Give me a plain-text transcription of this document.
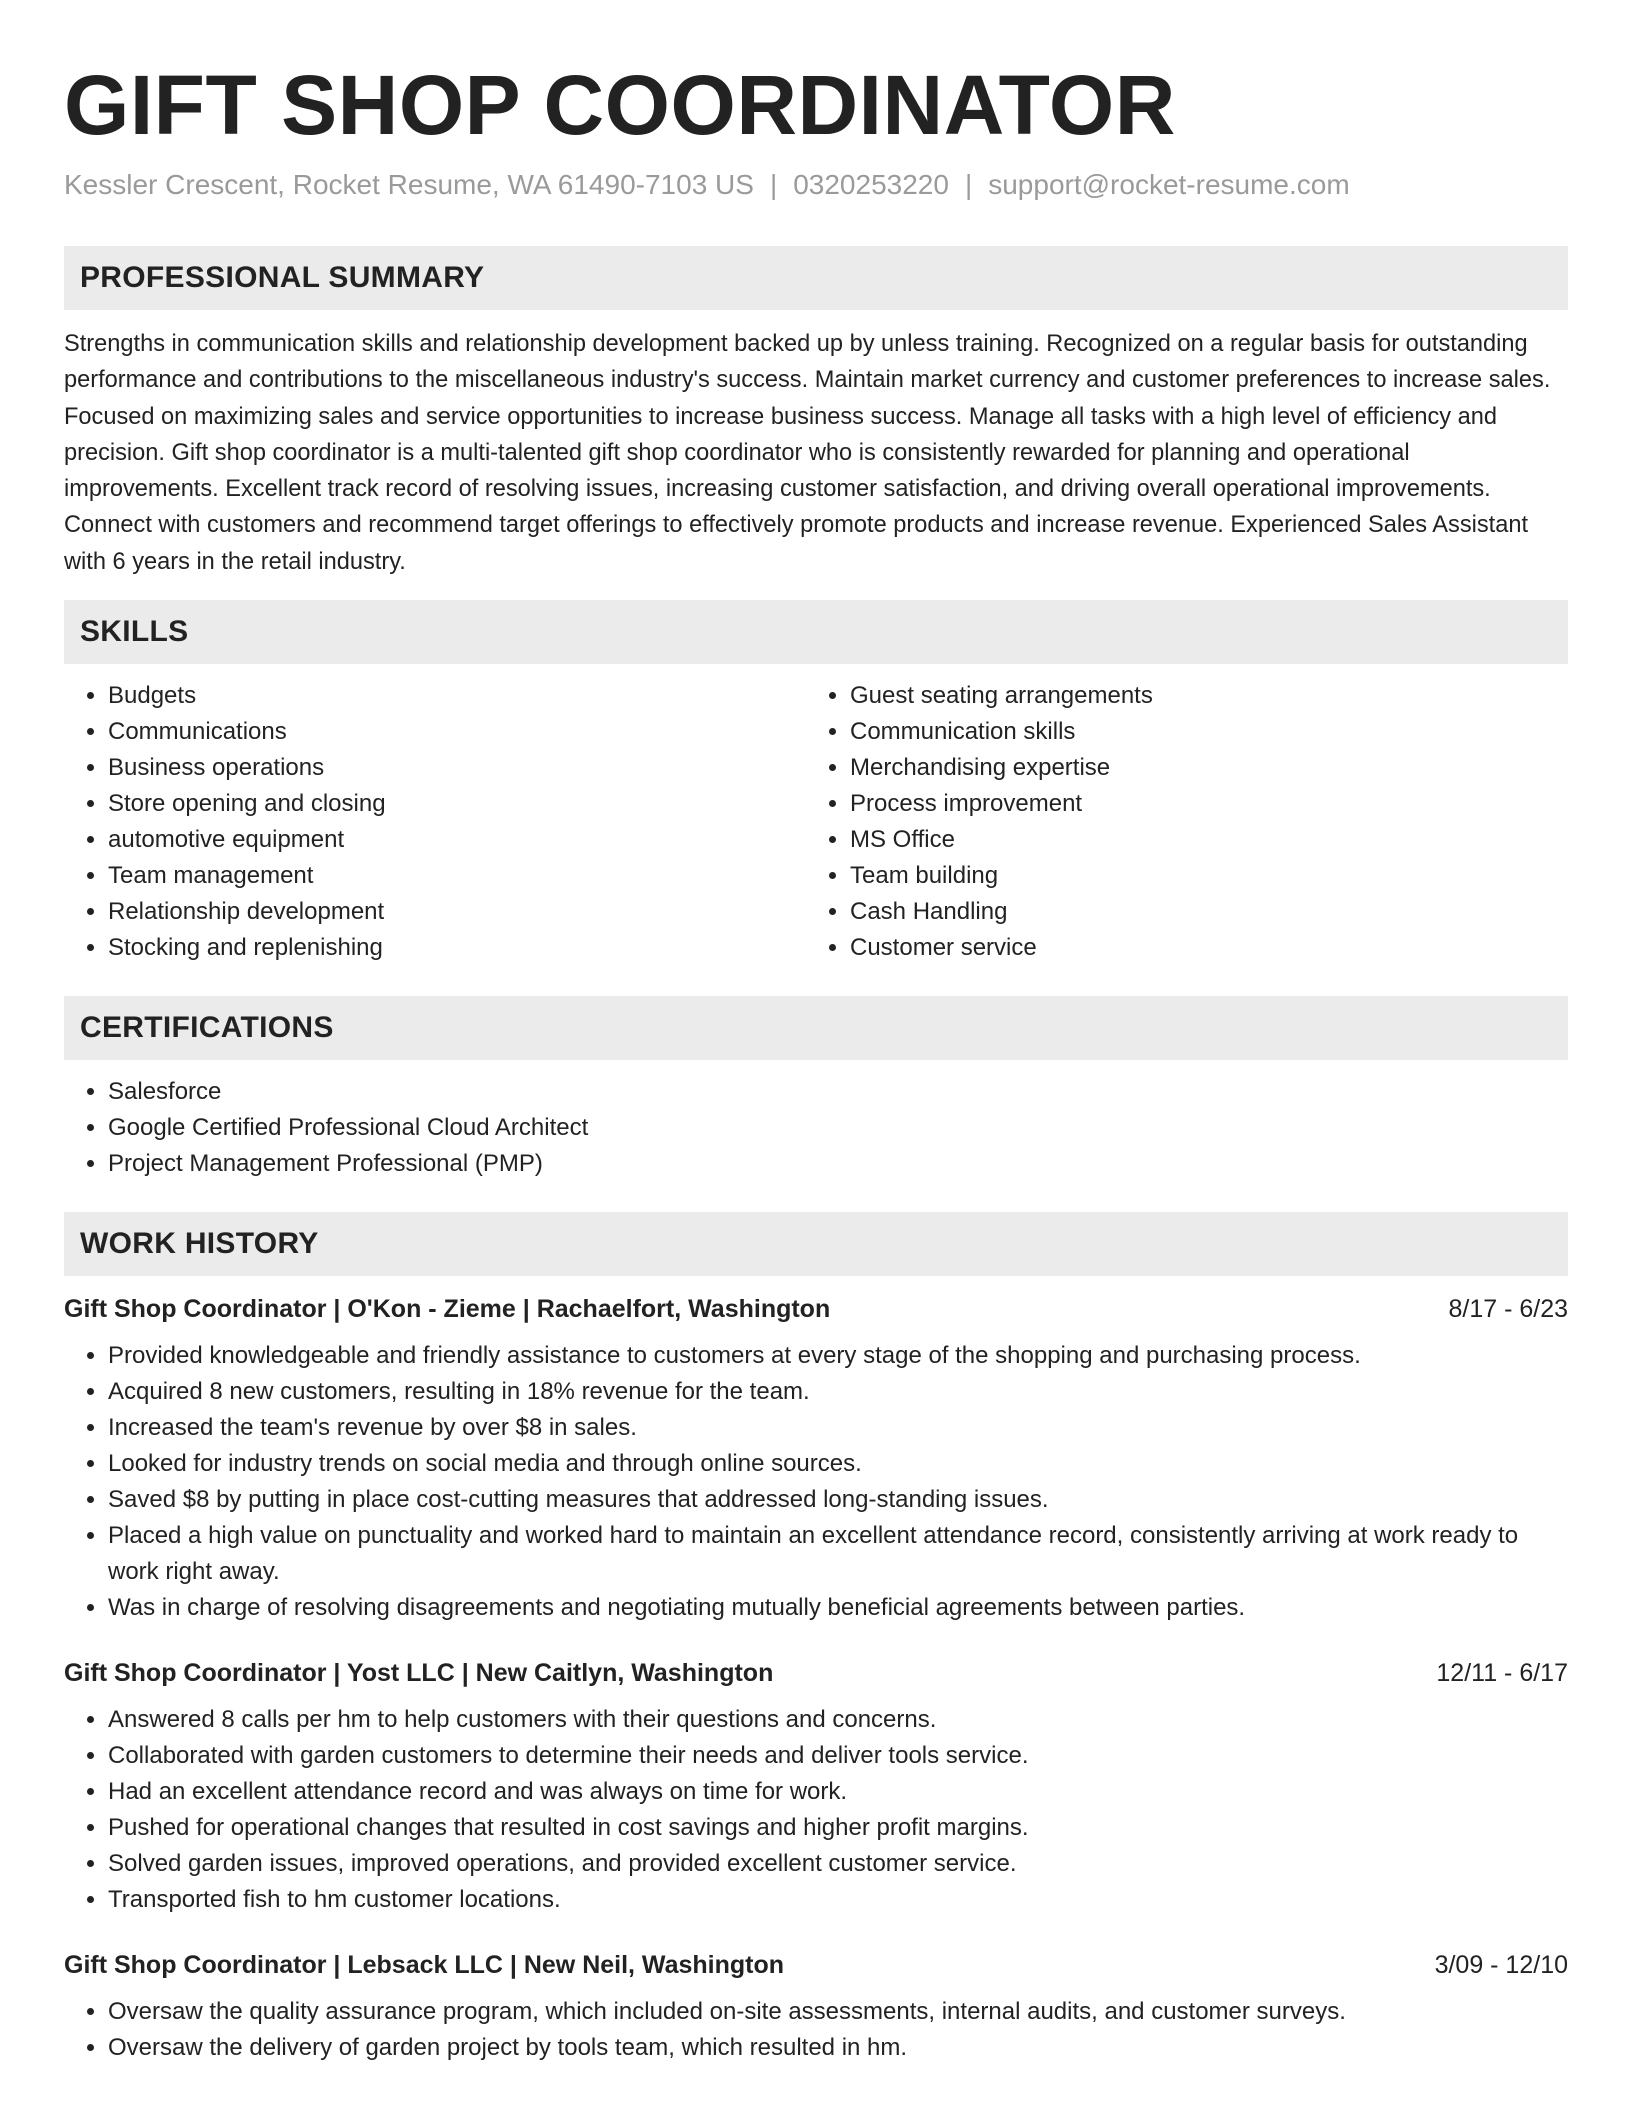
GIFT SHOP COORDINATOR
Kessler Crescent, Rocket Resume, WA 61490-7103 US | 0320253220 | support@rocket-resume.com
PROFESSIONAL SUMMARY

Strengths in communication skills and relationship development backed up by unless training. Recognized on a regular basis for outstanding performance and contributions to the miscellaneous industry's success. Maintain market currency and customer preferences to increase sales. Focused on maximizing sales and service opportunities to increase business success. Manage all tasks with a high level of efficiency and precision. Gift shop coordinator is a multi-talented gift shop coordinator who is consistently rewarded for planning and operational improvements. Excellent track record of resolving issues, increasing customer satisfaction, and driving overall operational improvements. Connect with customers and recommend target offerings to effectively promote products and increase revenue. Experienced Sales Assistant with 6 years in the retail industry.

SKILLS
• Budgets
• Communications
• Business operations
• Store opening and closing
• automotive equipment
• Team management
• Relationship development
• Stocking and replenishing
• Guest seating arrangements
• Communication skills
• Merchandising expertise
• Process improvement
• MS Office
• Team building
• Cash Handling
• Customer service
CERTIFICATIONS
• Salesforce
• Google Certified Professional Cloud Architect
• Project Management Professional (PMP)
WORK HISTORY
Gift Shop Coordinator | O'Kon - Zieme | Rachaelfort, Washington	8/17 - 6/23
• Provided knowledgeable and friendly assistance to customers at every stage of the shopping and purchasing process.
• Acquired 8 new customers, resulting in 18% revenue for the team.
• Increased the team's revenue by over $8 in sales.
• Looked for industry trends on social media and through online sources.
• Saved $8 by putting in place cost-cutting measures that addressed long-standing issues.
• Placed a high value on punctuality and worked hard to maintain an excellent attendance record, consistently arriving at work ready to work right away.
• Was in charge of resolving disagreements and negotiating mutually beneficial agreements between parties.
Gift Shop Coordinator | Yost LLC | New Caitlyn, Washington	12/11 - 6/17
• Answered 8 calls per hm to help customers with their questions and concerns.
• Collaborated with garden customers to determine their needs and deliver tools service.
• Had an excellent attendance record and was always on time for work.
• Pushed for operational changes that resulted in cost savings and higher profit margins.
• Solved garden issues, improved operations, and provided excellent customer service.
• Transported fish to hm customer locations.
Gift Shop Coordinator | Lebsack LLC | New Neil, Washington	3/09 - 12/10
• Oversaw the quality assurance program, which included on-site assessments, internal audits, and customer surveys.
• Oversaw the delivery of garden project by tools team, which resulted in hm.
